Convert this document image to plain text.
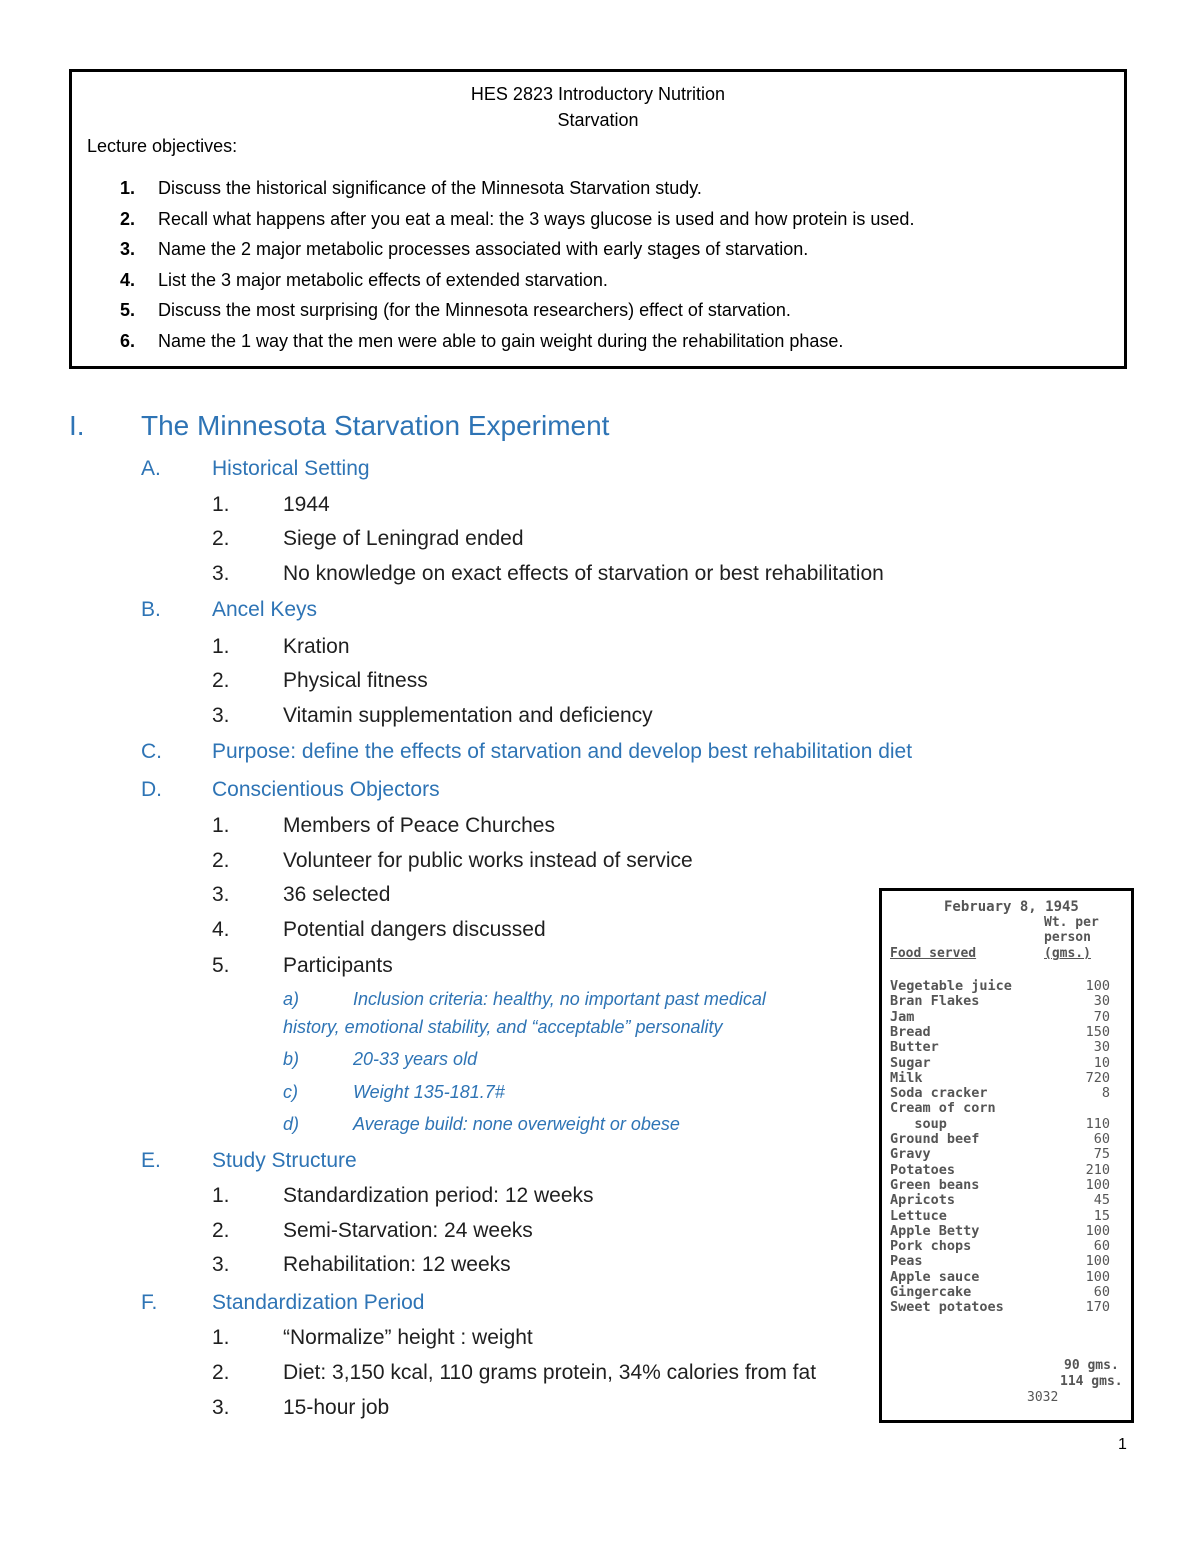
HES 2823 Introductory Nutrition
Starvation
Lecture objectives:
1. Discuss the historical significance of the Minnesota Starvation study.
2. Recall what happens after you eat a meal: the 3 ways glucose is used and how protein is used.
3. Name the 2 major metabolic processes associated with early stages of starvation.
4. List the 3 major metabolic effects of extended starvation.
5. Discuss the most surprising (for the Minnesota researchers) effect of starvation.
6. Name the 1 way that the men were able to gain weight during the rehabilitation phase.
I. The Minnesota Starvation Experiment
A. Historical Setting
1.	1944
2.	Siege of Leningrad ended
3.	No knowledge on exact effects of starvation or best rehabilitation
B. Ancel Keys
1.	Kration
2.	Physical fitness
3.	Vitamin supplementation and deficiency
C. Purpose: define the effects of starvation and develop best rehabilitation diet
D. Conscientious Objectors
1.	Members of Peace Churches
2.	Volunteer for public works instead of service
3.	36 selected
4.	Potential dangers discussed
5.	Participants
a)	Inclusion criteria: healthy, no important past medical
history, emotional stability, and “acceptable” personality
b)	20-33 years old
c)	Weight 135-181.7#
d)	Average build: none overweight or obese
E. Study Structure
1.	Standardization period: 12 weeks
2.	Semi-Starvation: 24 weeks
3.	Rehabilitation: 12 weeks
F.	Standardization Period
1.	“Normalize” height : weight
2.	Diet: 3,150 kcal, 110 grams protein, 34% calories from fat
3.	15-hour job
February 8, 1945
Wt. per
person
(gms.)
Food served
Vegetable juice	100
Bran Flakes	30
Jam	70
Bread	150
Butter	30
Sugar	10
Milk	720
Soda cracker	8
Cream of corn
soup	110
Ground beef	60
Gravy	75
Potatoes	210
Green beans	100
Apricots	45
Lettuce	15
Apple Betty	100
Pork chops	60
Peas	100
Apple sauce	100
Gingercake	60
Sweet potatoes	170
90 gms.
114 gms.
3032
1
